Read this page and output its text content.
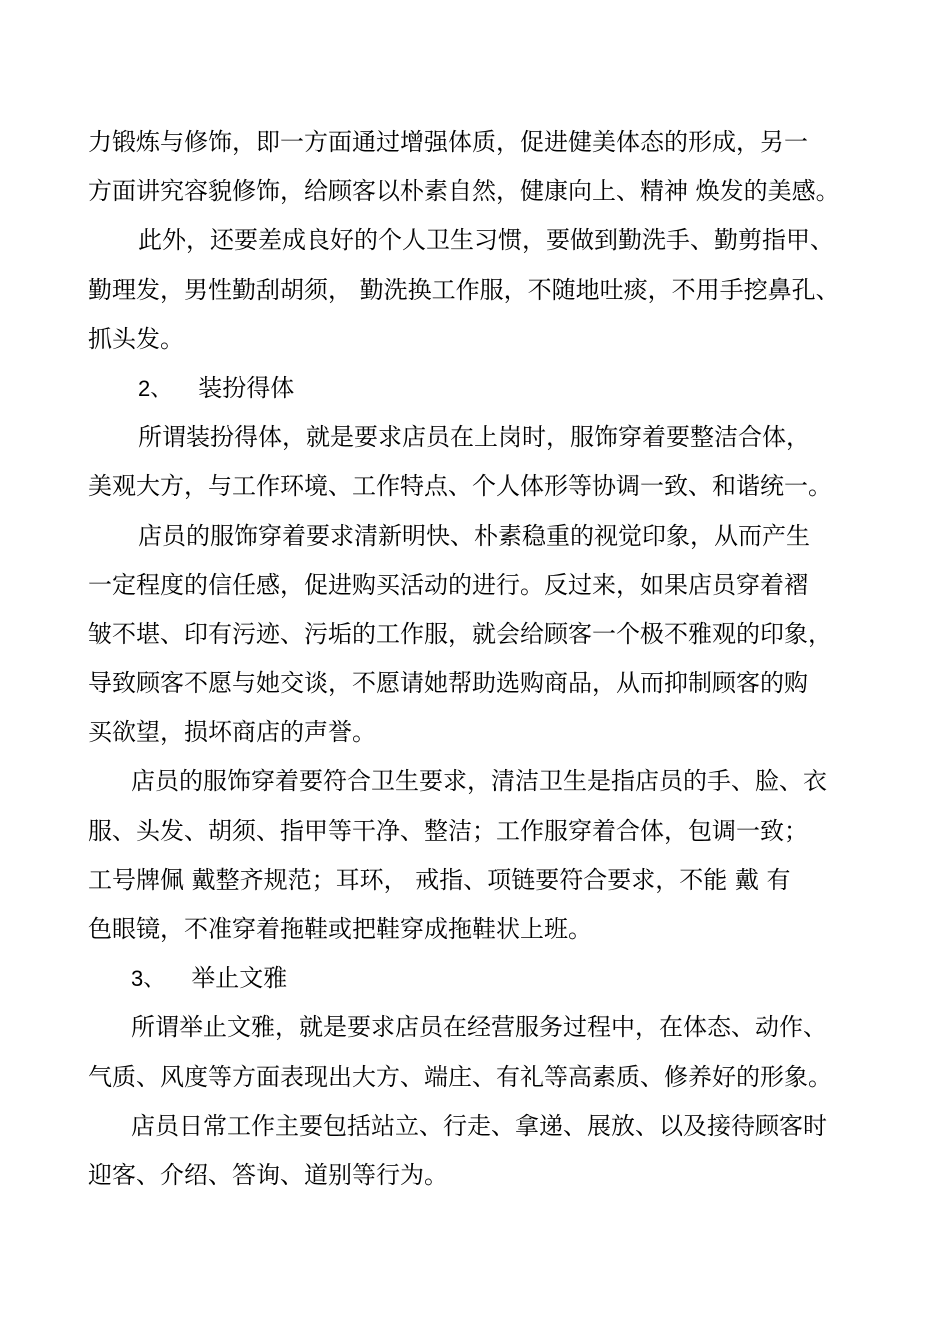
力锻炼与修饰，即一方面通过增强体质，促进健美体态的形成，另一
方面讲究容貌修饰，给顾客以朴素自然，健康向上、精神 焕发的美感。
此外，还要差成良好的个人卫生习惯，要做到勤洗手、勤剪指甲、
勤理发，男性勤刮胡须， 勤洗换工作服，不随地吐痰，不用手挖鼻孔、
抓头发。
2、 装扮得体
所谓装扮得体，就是要求店员在上岗时，服饰穿着要整洁合体，
美观大方，与工作环境、工作特点、个人体形等协调一致、和谐统一。
店员的服饰穿着要求清新明快、朴素稳重的视觉印象，从而产生
一定程度的信任感，促进购买活动的进行。反过来，如果店员穿着褶
皱不堪、印有污迹、污垢的工作服，就会给顾客一个极不雅观的印象，
导致顾客不愿与她交谈，不愿请她帮助选购商品，从而抑制顾客的购
买欲望，损坏商店的声誉。
店员的服饰穿着要符合卫生要求，清洁卫生是指店员的手、脸、衣
服、头发、胡须、指甲等干净、整洁；工作服穿着合体，包调一致；
工号牌佩 戴整齐规范；耳环， 戒指、项链要符合要求，不能 戴 有
色眼镜，不准穿着拖鞋或把鞋穿成拖鞋状上班。
3、 举止文雅
所谓举止文雅，就是要求店员在经营服务过程中，在体态、动作、
气质、风度等方面表现出大方、端庄、有礼等高素质、修养好的形象。
店员日常工作主要包括站立、行走、拿递、展放、以及接待顾客时
迎客、介绍、答询、道别等行为。
